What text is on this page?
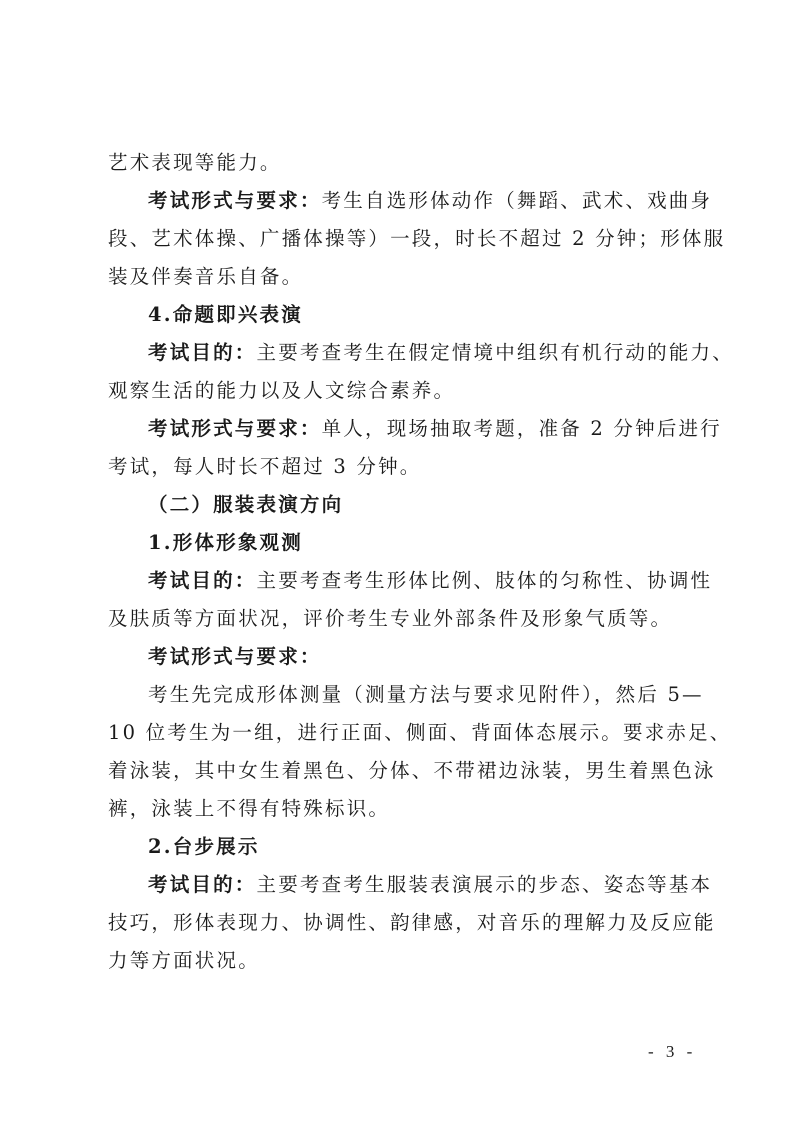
艺术表现等能力。
考试形式与要求：考生自选形体动作（舞蹈、武术、戏曲身
段、艺术体操、广播体操等）一段，时长不超过 2 分钟；形体服
装及伴奏音乐自备。
4.命题即兴表演
考试目的：主要考查考生在假定情境中组织有机行动的能力、
观察生活的能力以及人文综合素养。
考试形式与要求：单人，现场抽取考题，准备 2 分钟后进行
考试，每人时长不超过 3 分钟。
（二）服装表演方向
1.形体形象观测
考试目的：主要考查考生形体比例、肢体的匀称性、协调性
及肤质等方面状况，评价考生专业外部条件及形象气质等。
考试形式与要求：
考生先完成形体测量（测量方法与要求见附件），然后 5—
10 位考生为一组，进行正面、侧面、背面体态展示。要求赤足、
着泳装，其中女生着黑色、分体、不带裙边泳装，男生着黑色泳
裤，泳装上不得有特殊标识。
2.台步展示
考试目的：主要考查考生服装表演展示的步态、姿态等基本
技巧，形体表现力、协调性、韵律感，对音乐的理解力及反应能
力等方面状况。
- 3 -
